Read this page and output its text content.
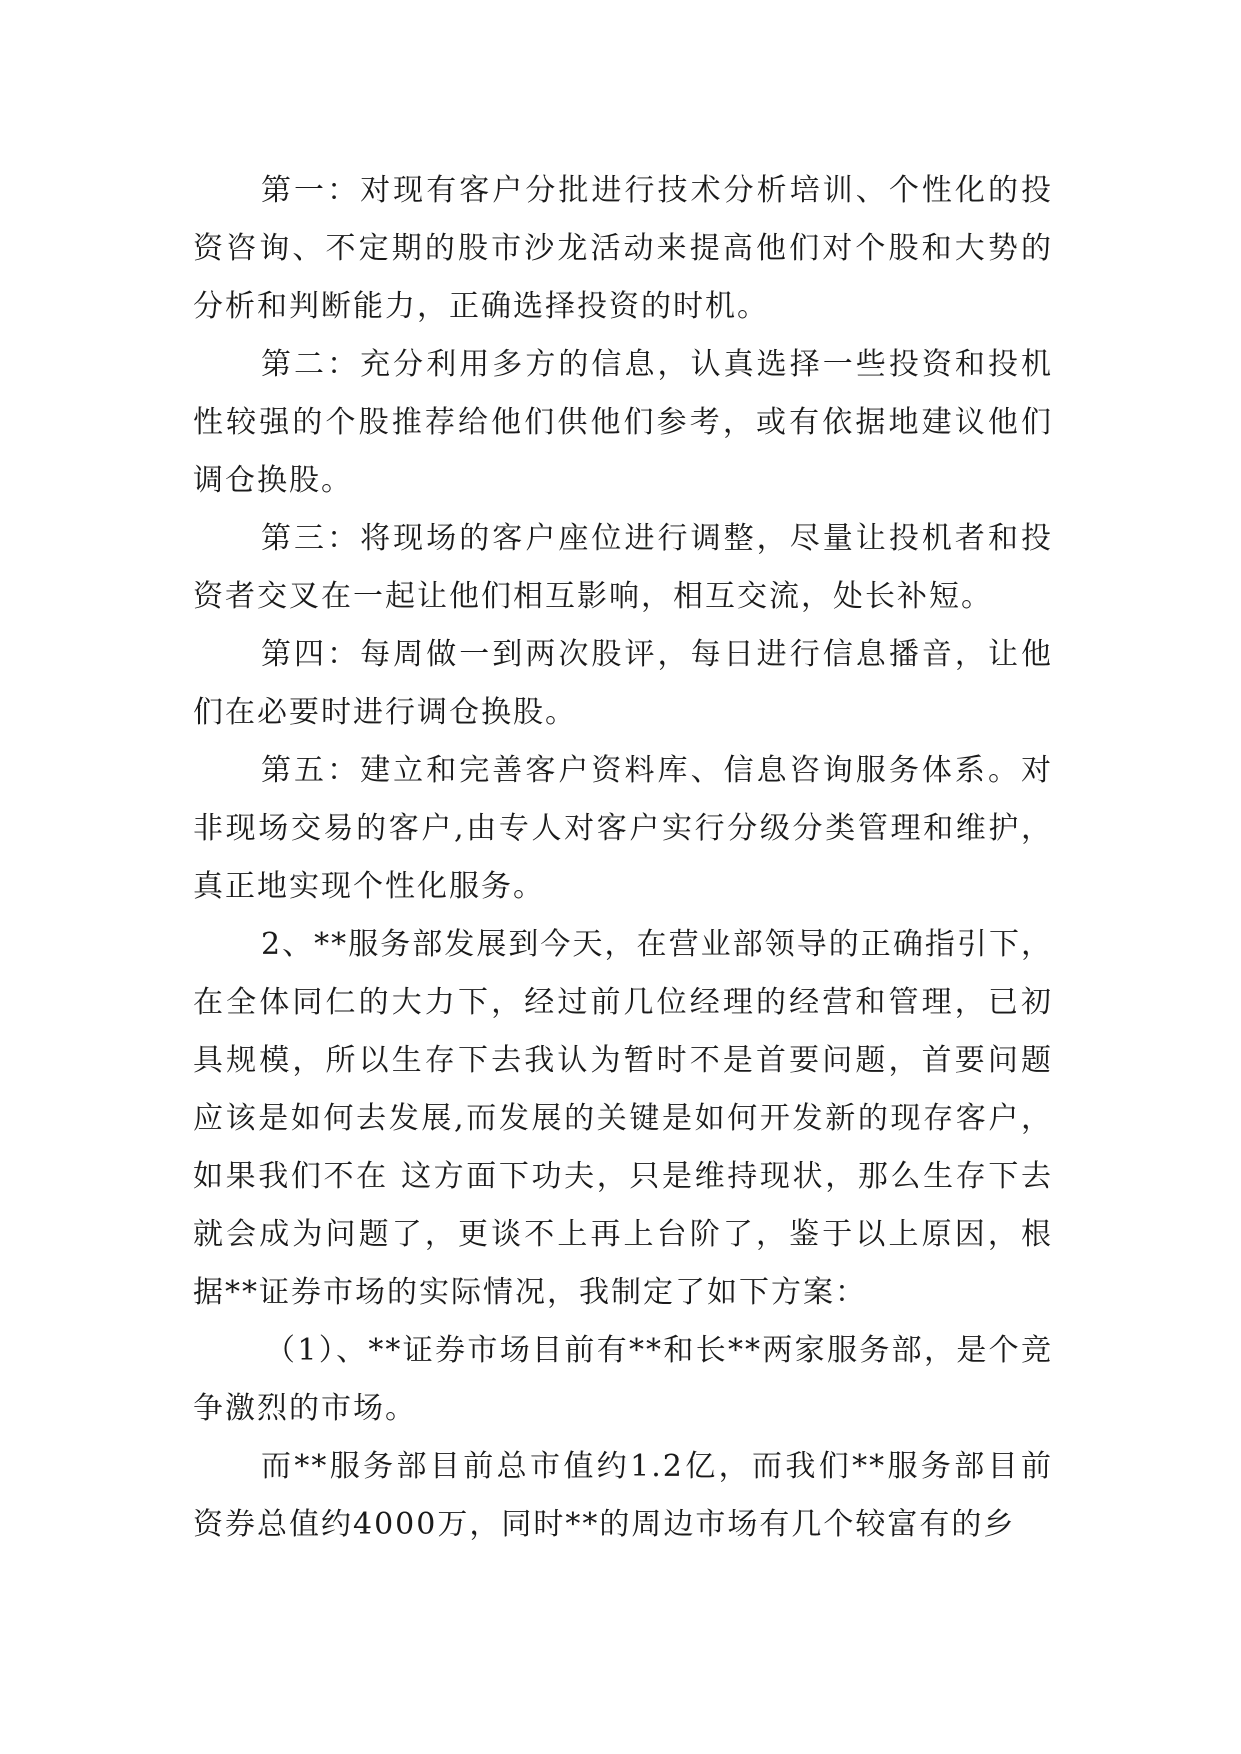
第一：对现有客户分批进行技术分析培训、个性化的投资咨询、不定期的股市沙龙活动来提高他们对个股和大势的分析和判断能力，正确选择投资的时机。

第二：充分利用多方的信息，认真选择一些投资和投机性较强的个股推荐给他们供他们参考，或有依据地建议他们调仓换股。

第三：将现场的客户座位进行调整，尽量让投机者和投资者交叉在一起让他们相互影响，相互交流，处长补短。

第四：每周做一到两次股评，每日进行信息播音，让他们在必要时进行调仓换股。

第五：建立和完善客户资料库、信息咨询服务体系。对非现场交易的客户,由专人对客户实行分级分类管理和维护，真正地实现个性化服务。

2、**服务部发展到今天，在营业部领导的正确指引下，在全体同仁的大力下，经过前几位经理的经营和管理，已初具规模，所以生存下去我认为暂时不是首要问题，首要问题应该是如何去发展,而发展的关键是如何开发新的现存客户，如果我们不在 这方面下功夫，只是维持现状，那么生存下去就会成为问题了，更谈不上再上台阶了，鉴于以上原因，根据**证券市场的实际情况，我制定了如下方案：

（1）、**证券市场目前有**和长**两家服务部，是个竞争激烈的市场。

而**服务部目前总市值约1.2亿，而我们**服务部目前资券总值约4000万，同时**的周边市场有几个较富有的乡
